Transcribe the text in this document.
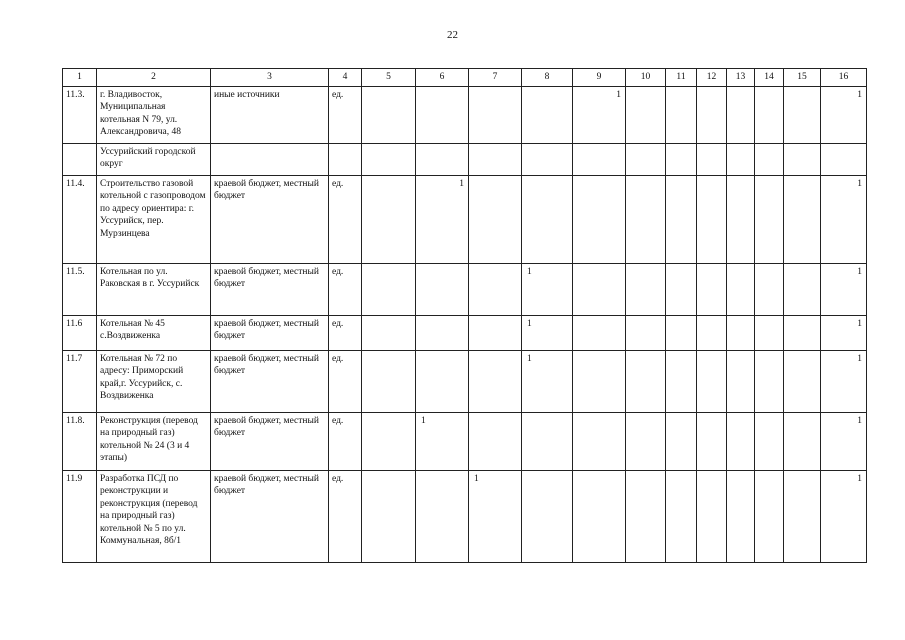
22
1	2	3	4	5	6	7	8	9	10	11	12	13	14	15	16
11.3.	г. Владивосток, Муниципальная котельная N 79, ул. Александровича, 48	иные источники	ед.					1							1

	Уссурийский городской округ														
11.4.	Строительство газовой котельной с газопроводом по адресу ориентира: г. Уссурийск, пер. Мурзинцева	краевой бюджет, местный бюджет	ед.		1										1

11.5.	Котельная по ул. Раковская в г. Уссурийск	краевой бюджет, местный бюджет	ед.				1								1

11.6	Котельная № 45 с.Воздвиженка	краевой бюджет, местный бюджет	ед.				1								1

11.7	Котельная № 72 по адресу: Приморский край,г. Уссурийск, с. Воздвиженка	краевой бюджет, местный бюджет	ед.				1								1

11.8.	Реконструкция (перевод на природный газ) котельной № 24 (3 и 4 этапы)	краевой бюджет, местный бюджет	ед.		1										1

11.9	Разработка ПСД по реконструкции и реконструкция (перевод на природный газ) котельной № 5 по ул. Коммунальная, 8б/1	краевой бюджет, местный бюджет	ед.			1									1
